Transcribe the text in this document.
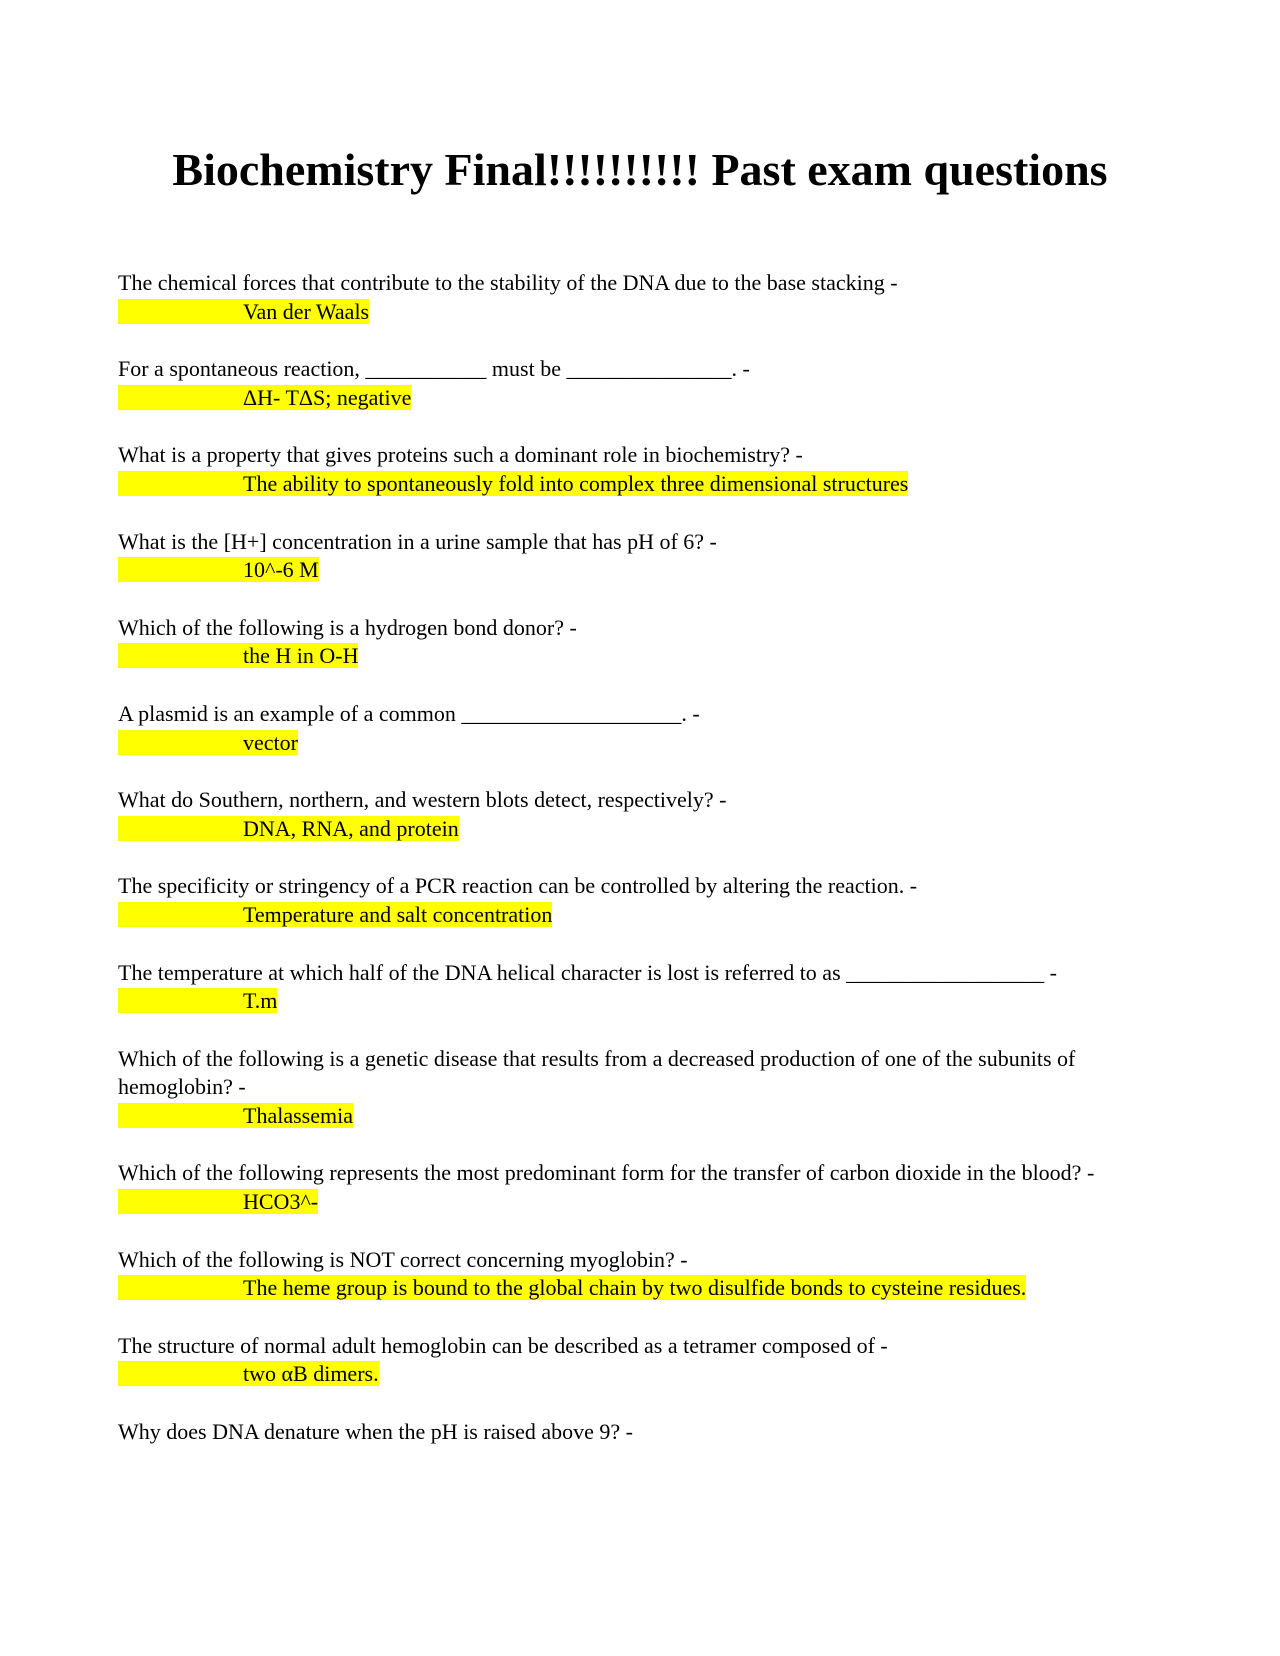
Biochemistry Final!!!!!!!!!! Past exam questions

The chemical forces that contribute to the stability of the DNA due to the base stacking -

Van der Waals

For a spontaneous reaction, ___________ must be _______________. -

ΔH- TΔS; negative

What is a property that gives proteins such a dominant role in biochemistry? -

The ability to spontaneously fold into complex three dimensional structures

What is the [H+] concentration in a urine sample that has pH of 6? -

10^-6 M

Which of the following is a hydrogen bond donor? -

the H in O-H

A plasmid is an example of a common ____________________. -

vector

What do Southern, northern, and western blots detect, respectively? -

DNA, RNA, and protein

The specificity or stringency of a PCR reaction can be controlled by altering the reaction. -

Temperature and salt concentration

The temperature at which half of the DNA helical character is lost is referred to as __________________ -

T.m

Which of the following is a genetic disease that results from a decreased production of one of the subunits of hemoglobin? -

Thalassemia

Which of the following represents the most predominant form for the transfer of carbon dioxide in the blood? -

HCO3^-

Which of the following is NOT correct concerning myoglobin? -

The heme group is bound to the global chain by two disulfide bonds to cysteine residues.

The structure of normal adult hemoglobin can be described as a tetramer composed of -

two αB dimers.

Why does DNA denature when the pH is raised above 9? -
